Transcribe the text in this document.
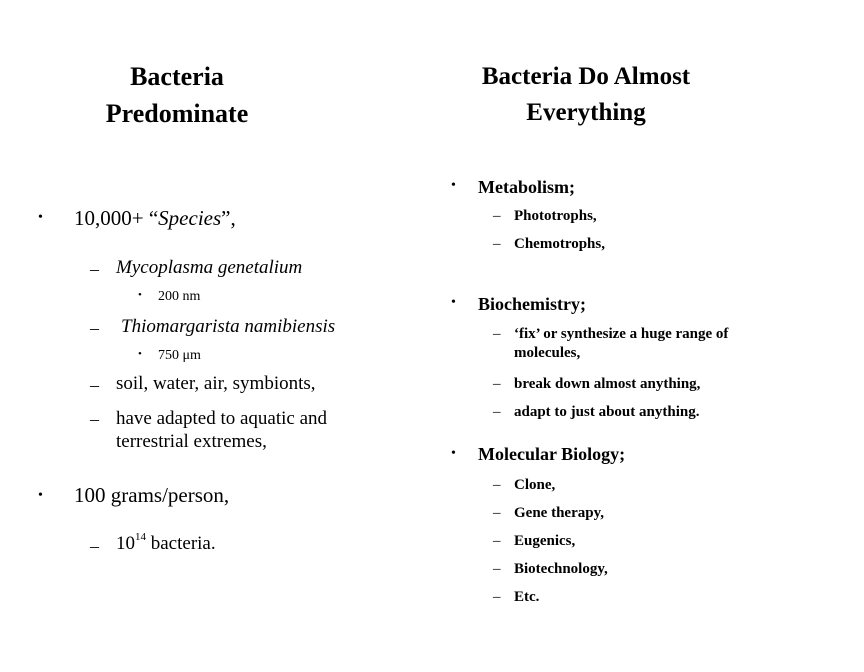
Bacteria
Predominate
• 10,000+ “Species”,
– Mycoplasma genetalium
• 200 nm
– Thiomargarista namibiensis
• 750 μm
– soil, water, air, symbionts,
– have adapted to aquatic and
terrestrial extremes,
• 100 grams/person,
– $10^{14}$ bacteria.
Bacteria Do Almost
Everything
• Metabolism;
– Phototrophs,
– Chemotrophs,
• Biochemistry;
– ‘fix’ or synthesize a huge range of
molecules,
– break down almost anything,
– adapt to just about anything.
• Molecular Biology;
– Clone,
– Gene therapy,
– Eugenics,
– Biotechnology,
– Etc.
